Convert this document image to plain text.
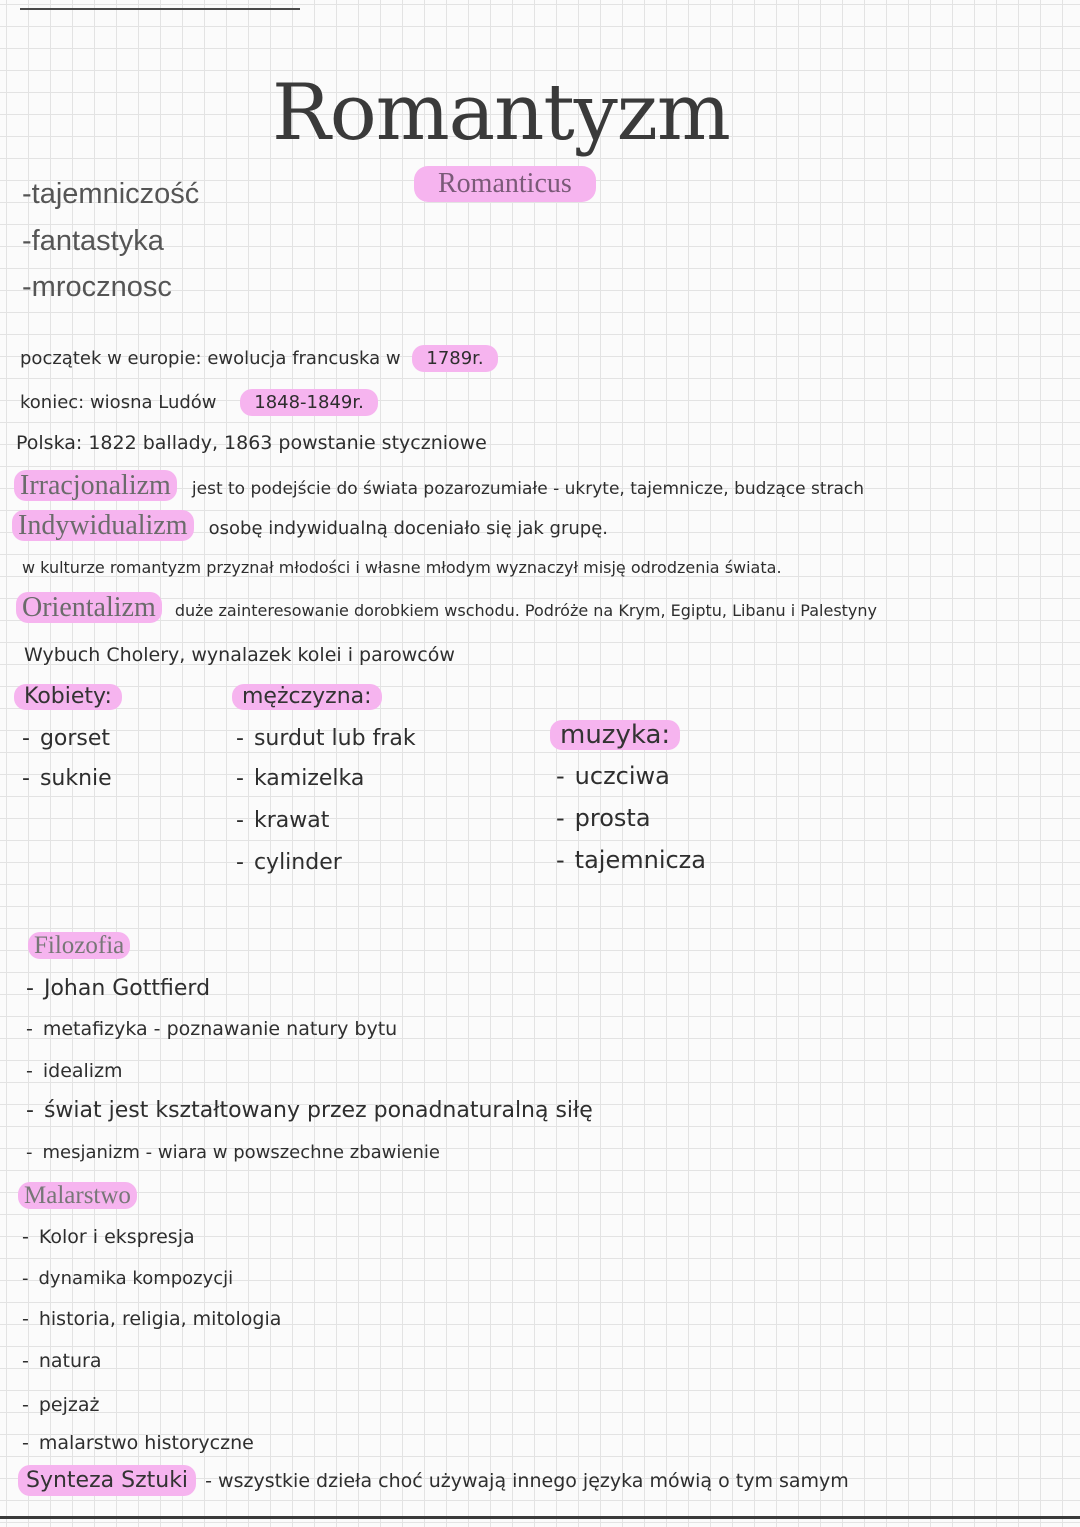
Romantyzm
Romanticus
-tajemniczość
-fantastyka
-mrocznosc
początek w europie: ewolucja francuska w 1789r.
koniec: wiosna Ludów 1848-1849r.
Polska: 1822 ballady, 1863 powstanie styczniowe
Irracjonalizm jest to podejście do świata pozarozumiałe - ukryte, tajemnicze, budzące strach
Indywidualizm osobę indywidualną doceniało się jak grupę.
w kulturze romantyzm przyznał młodości i własne młodym wyznaczył misję odrodzenia świata.
Orientalizm duże zainteresowanie dorobkiem wschodu. Podróże na Krym, Egiptu, Libanu i Palestyny
Wybuch Cholery, wynalazek kolei i parowców
Kobiety:
- gorset
- suknie
mężczyzna:
- surdut lub frak
- kamizelka
- krawat
- cylinder
muzyka:
- uczciwa
- prosta
- tajemnicza
Filozofia
- Johan Gottfierd
- metafizyka - poznawanie natury bytu
- idealizm
- świat jest kształtowany przez ponadnaturalną siłę
- mesjanizm - wiara w powszechne zbawienie
Malarstwo
- Kolor i ekspresja
- dynamika kompozycji
- historia, religia, mitologia
- natura
- pejzaż
- malarstwo historyczne
Synteza Sztuki - wszystkie dzieła choć używają innego języka mówią o tym samym
